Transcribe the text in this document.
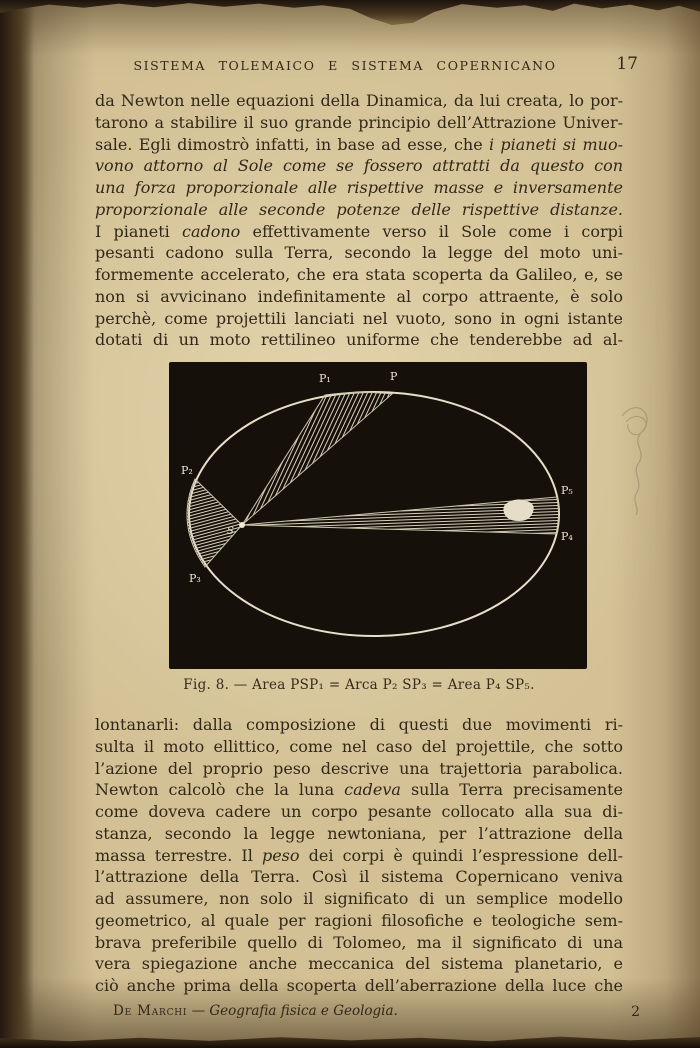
SISTEMA TOLEMAICO E SISTEMA COPERNICANO	17
da Newton nelle equazioni della Dinamica, da lui creata, lo por-
tarono a stabilire il suo grande principio dell’Attrazione Univer-
sale. Egli dimostrò infatti, in base ad esse, che i pianeti si muo-
vono attorno al Sole come se fossero attratti da questo con
una forza proporzionale alle rispettive masse e inversamente
proporzionale alle seconde potenze delle rispettive distanze.
I pianeti cadono effettivamente verso il Sole come i corpi
pesanti cadono sulla Terra, secondo la legge del moto uni-
formemente accelerato, che era stata scoperta da Galileo, e, se
non si avvicinano indefinitamente al corpo attraente, è solo
perchè, come projettili lanciati nel vuoto, sono in ogni istante
dotati di un moto rettilineo uniforme che tenderebbe ad al-
P₁	P
P₂
P₃
P₅
P₄
S
Fig. 8. — Area PSP₁ = Arca P₂ SP₃ = Area P₄ SP₅.
lontanarli: dalla composizione di questi due movimenti ri-
sulta il moto ellittico, come nel caso del projettile, che sotto
l’azione del proprio peso descrive una trajettoria parabolica.
Newton calcolò che la luna cadeva sulla Terra precisamente
come doveva cadere un corpo pesante collocato alla sua di-
stanza, secondo la legge newtoniana, per l’attrazione della
massa terrestre. Il peso dei corpi è quindi l’espressione dell-
l’attrazione della Terra. Così il sistema Copernicano veniva
ad assumere, non solo il significato di un semplice modello
geometrico, al quale per ragioni filosofiche e teologiche sem-
brava preferibile quello di Tolomeo, ma il significato di una
vera spiegazione anche meccanica del sistema planetario, e
ciò anche prima della scoperta dell’aberrazione della luce che
De Marchi — Geografia fisica e Geologia.	2
